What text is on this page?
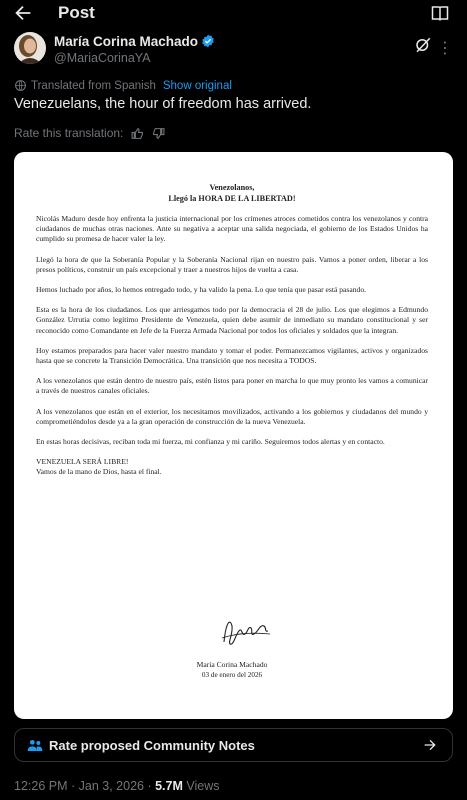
Post
María Corina Machado
@MariaCorinaYA
⋮
Translated from Spanish Show original
Venezuelans, the hour of freedom has arrived.
Rate this translation:
Venezolanos,
Llegó la HORA DE LA LIBERTAD!

Nicolás Maduro desde hoy enfrenta la justicia internacional por los crímenes atroces cometidos contra los venezolanos y contra ciudadanos de muchas otras naciones. Ante su negativa a aceptar una salida negociada, el gobierno de los Estados Unidos ha cumplido su promesa de hacer valer la ley.

Llegó la hora de que la Soberanía Popular y la Soberanía Nacional rijan en nuestro país. Vamos a poner orden, liberar a los presos políticos, construir un país excepcional y traer a nuestros hijos de vuelta a casa.

Hemos luchado por años, lo hemos entregado todo, y ha valido la pena. Lo que tenía que pasar está pasando.

Esta es la hora de los ciudadanos. Los que arriesgamos todo por la democracia el 28 de julio. Los que elegimos a Edmundo González Urrutia como legítimo Presidente de Venezuela, quien debe asumir de inmediato su mandato constitucional y ser reconocido como Comandante en Jefe de la Fuerza Armada Nacional por todos los oficiales y soldados que la integran.

Hoy estamos preparados para hacer valer nuestro mandato y tomar el poder. Permanezcamos vigilantes, activos y organizados hasta que se concrete la Transición Democrática. Una transición que nos necesita a TODOS.

A los venezolanos que están dentro de nuestro país, estén listos para poner en marcha lo que muy pronto les vamos a comunicar a través de nuestros canales oficiales.

A los venezolanos que están en el exterior, los necesitamos movilizados, activando a los gobiernos y ciudadanos del mundo y comprometiéndolos desde ya a la gran operación de construcción de la nueva Venezuela.

En estas horas decisivas, reciban toda mi fuerza, mi confianza y mi cariño. Seguiremos todos alertas y en contacto.

VENEZUELA SERÁ LIBRE!
Vamos de la mano de Dios, hasta el final.
María Corina Machado
03 de enero del 2026
Rate proposed Community Notes
12:26 PM · Jan 3, 2026 · 5.7M Views
